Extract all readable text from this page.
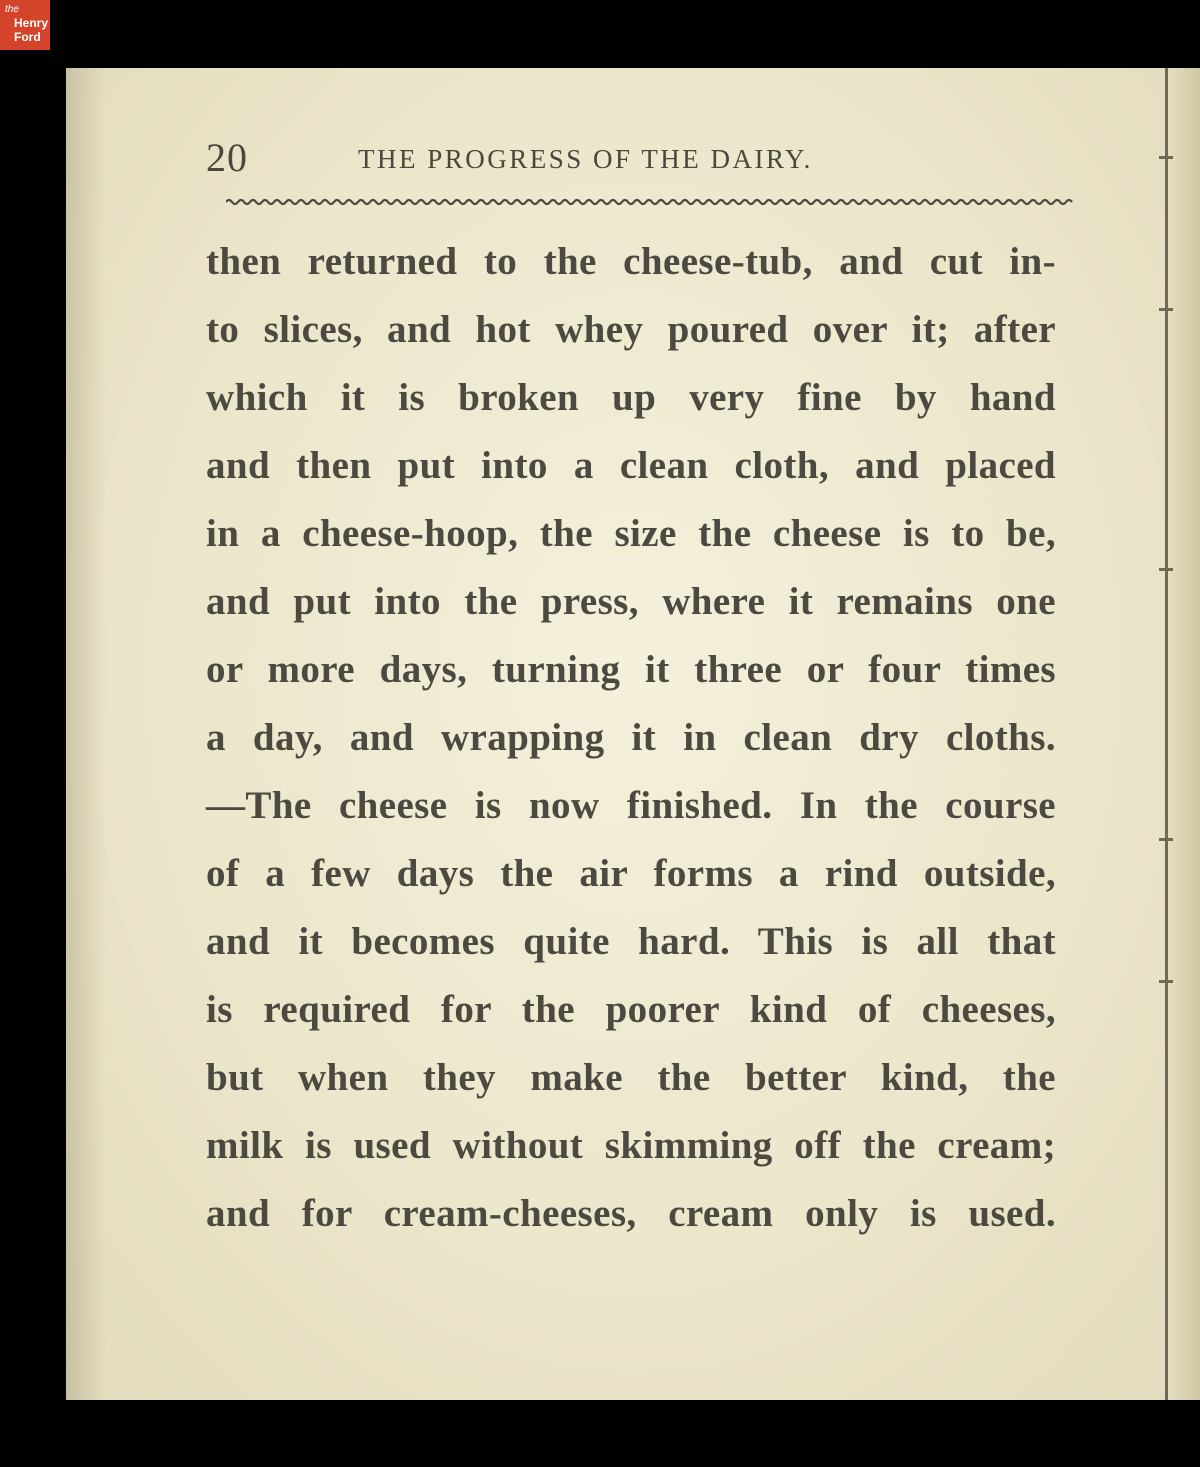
the
Henry
Ford
20	THE PROGRESS OF THE DAIRY.
then returned to the cheese-tub, and cut in-
to slices, and hot whey poured over it; after
which it is broken up very fine by hand
and then put into a clean cloth, and placed
in a cheese-hoop, the size the cheese is to be,
and put into the press, where it remains one
or more days, turning it three or four times
a day, and wrapping it in clean dry cloths.
—The cheese is now finished. In the course
of a few days the air forms a rind outside,
and it becomes quite hard. This is all that
is required for the poorer kind of cheeses,
but when they make the better kind, the
milk is used without skimming off the cream;
and for cream-cheeses, cream only is used.
